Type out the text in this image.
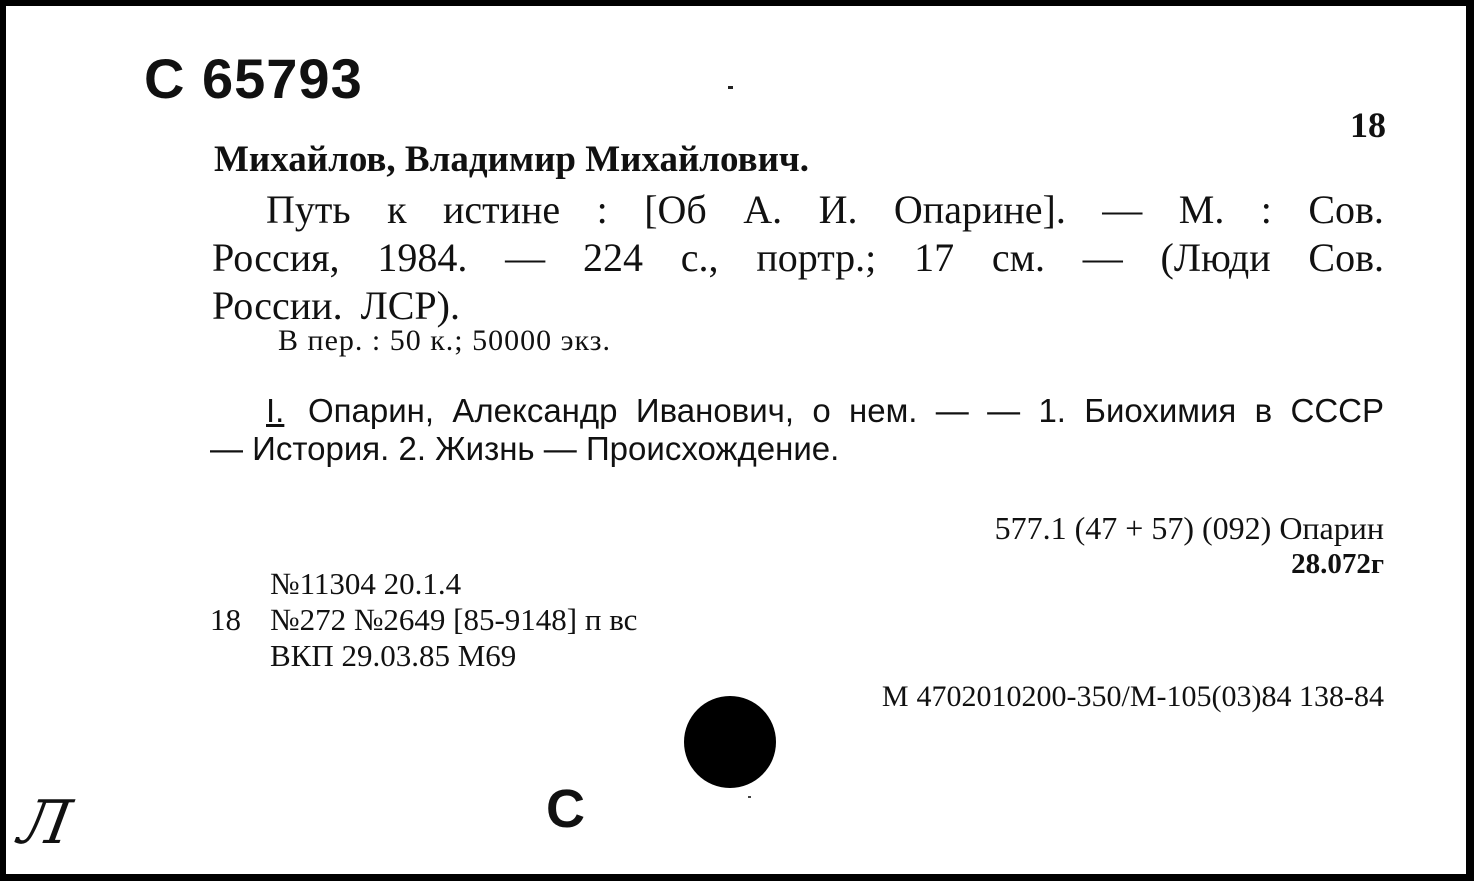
С 65793
18
Михайлов, Владимир Михайлович.
Путь к истине : [Об А. И. Опарине]. — М. : Сов.
Россия, 1984. — 224 с., портр.; 17 см. — (Люди Сов.
России. ЛСР).
В пер. : 50 к.; 50000 экз.
I. Опарин, Александр Иванович, о нем. — — 1. Биохимия в СССР
— История. 2. Жизнь — Происхождение.
577.1 (47 + 57) (092) Опарин
28.072г
№11304 20.1.4
18 №272 №2649 [85-9148] п вс
ВКП 29.03.85 М69
М 4702010200-350/М-105(03)84 138-84
С
Л
